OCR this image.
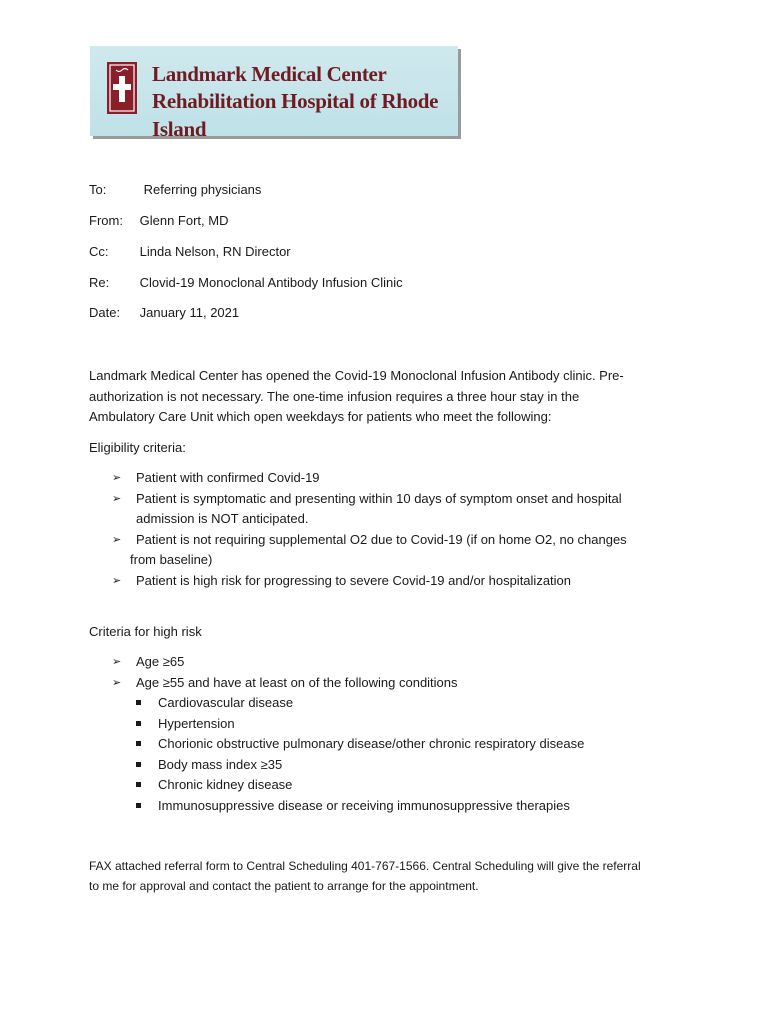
Landmark Medical Center
Rehabilitation Hospital of Rhode Island
To:	Referring physicians
From: Glenn Fort, MD
Cc: Linda Nelson, RN Director
Re: Clovid-19 Monoclonal Antibody Infusion Clinic
Date: January 11, 2021
Landmark Medical Center has opened the Covid-19 Monoclonal Infusion Antibody clinic. Pre-
authorization is not necessary. The one-time infusion requires a three hour stay in the
Ambulatory Care Unit which open weekdays for patients who meet the following:
Eligibility criteria:
➢ Patient with confirmed Covid-19
➢ Patient is symptomatic and presenting within 10 days of symptom onset and hospital
admission is NOT anticipated.
➢ Patient is not requiring supplemental O2 due to Covid-19 (if on home O2, no changes
from baseline)
➢ Patient is high risk for progressing to severe Covid-19 and/or hospitalization
Criteria for high risk
➢ Age ≥65
➢ Age ≥55 and have at least on of the following conditions
Cardiovascular disease
Hypertension
Chorionic obstructive pulmonary disease/other chronic respiratory disease
Body mass index ≥35
Chronic kidney disease
Immunosuppressive disease or receiving immunosuppressive therapies
FAX attached referral form to Central Scheduling 401-767-1566. Central Scheduling will give the referral
to me for approval and contact the patient to arrange for the appointment.
